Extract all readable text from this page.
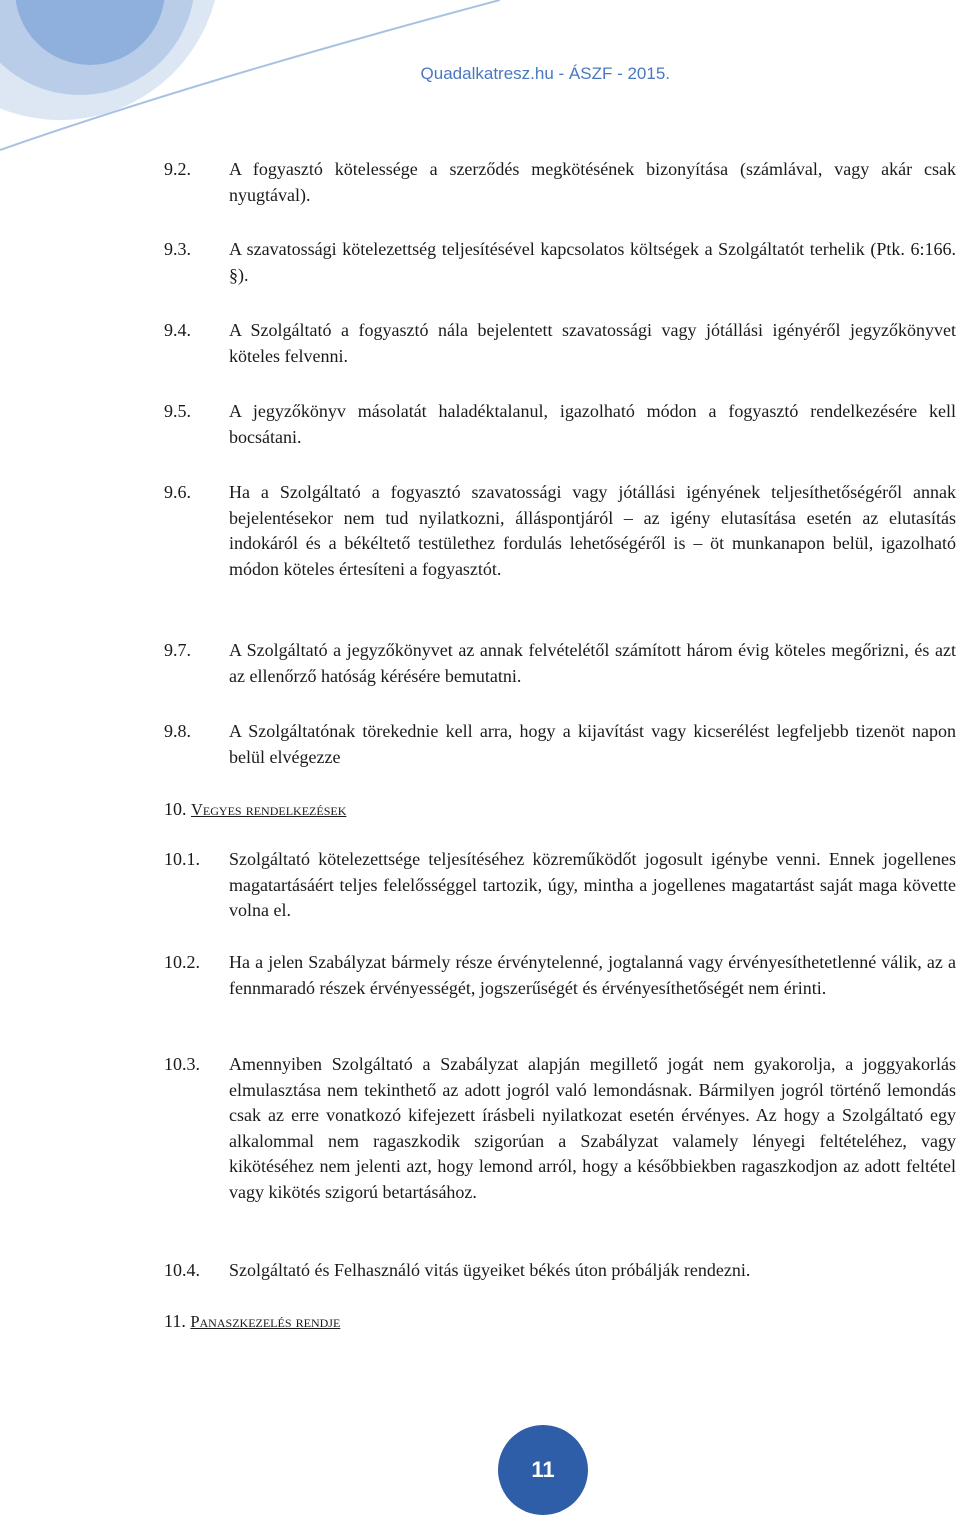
Quadalkatresz.hu - ÁSZF - 2015.
9.2. A fogyasztó kötelessége a szerződés megkötésének bizonyítása (számlával, vagy akár csak nyugtával).
9.3. A szavatossági kötelezettség teljesítésével kapcsolatos költségek a Szolgáltatót terhelik (Ptk. 6:166. §).
9.4. A Szolgáltató a fogyasztó nála bejelentett szavatossági vagy jótállási igényéről jegyzőkönyvet köteles felvenni.
9.5. A jegyzőkönyv másolatát haladéktalanul, igazolható módon a fogyasztó rendelkezésére kell bocsátani.
9.6. Ha a Szolgáltató a fogyasztó szavatossági vagy jótállási igényének teljesíthetőségéről annak bejelentésekor nem tud nyilatkozni, álláspontjáról – az igény elutasítása esetén az elutasítás indokáról és a békéltető testülethez fordulás lehetőségéről is – öt munkanapon belül, igazolható módon köteles értesíteni a fogyasztót.
9.7. A Szolgáltató a jegyzőkönyvet az annak felvételétől számított három évig köteles megőrizni, és azt az ellenőrző hatóság kérésére bemutatni.
9.8. A Szolgáltatónak törekednie kell arra, hogy a kijavítást vagy kicserélést legfeljebb tizenöt napon belül elvégezze
10. Vegyes rendelkezések
10.1. Szolgáltató kötelezettsége teljesítéséhez közreműködőt jogosult igénybe venni. Ennek jogellenes magatartásáért teljes felelősséggel tartozik, úgy, mintha a jogellenes magatartást saját maga követte volna el.
10.2. Ha a jelen Szabályzat bármely része érvénytelenné, jogtalanná vagy érvényesíthetetlenné válik, az a fennmaradó részek érvényességét, jogszerűségét és érvényesíthetőségét nem érinti.
10.3. Amennyiben Szolgáltató a Szabályzat alapján megillető jogát nem gyakorolja, a joggyakorlás elmulasztása nem tekinthető az adott jogról való lemondásnak. Bármilyen jogról történő lemondás csak az erre vonatkozó kifejezett írásbeli nyilatkozat esetén érvényes. Az hogy a Szolgáltató egy alkalommal nem ragaszkodik szigorúan a Szabályzat valamely lényegi feltételéhez, vagy kikötéséhez nem jelenti azt, hogy lemond arról, hogy a későbbiekben ragaszkodjon az adott feltétel vagy kikötés szigorú betartásához.
10.4. Szolgáltató és Felhasználó vitás ügyeiket békés úton próbálják rendezni.
11. Panaszkezelés rendje
11
